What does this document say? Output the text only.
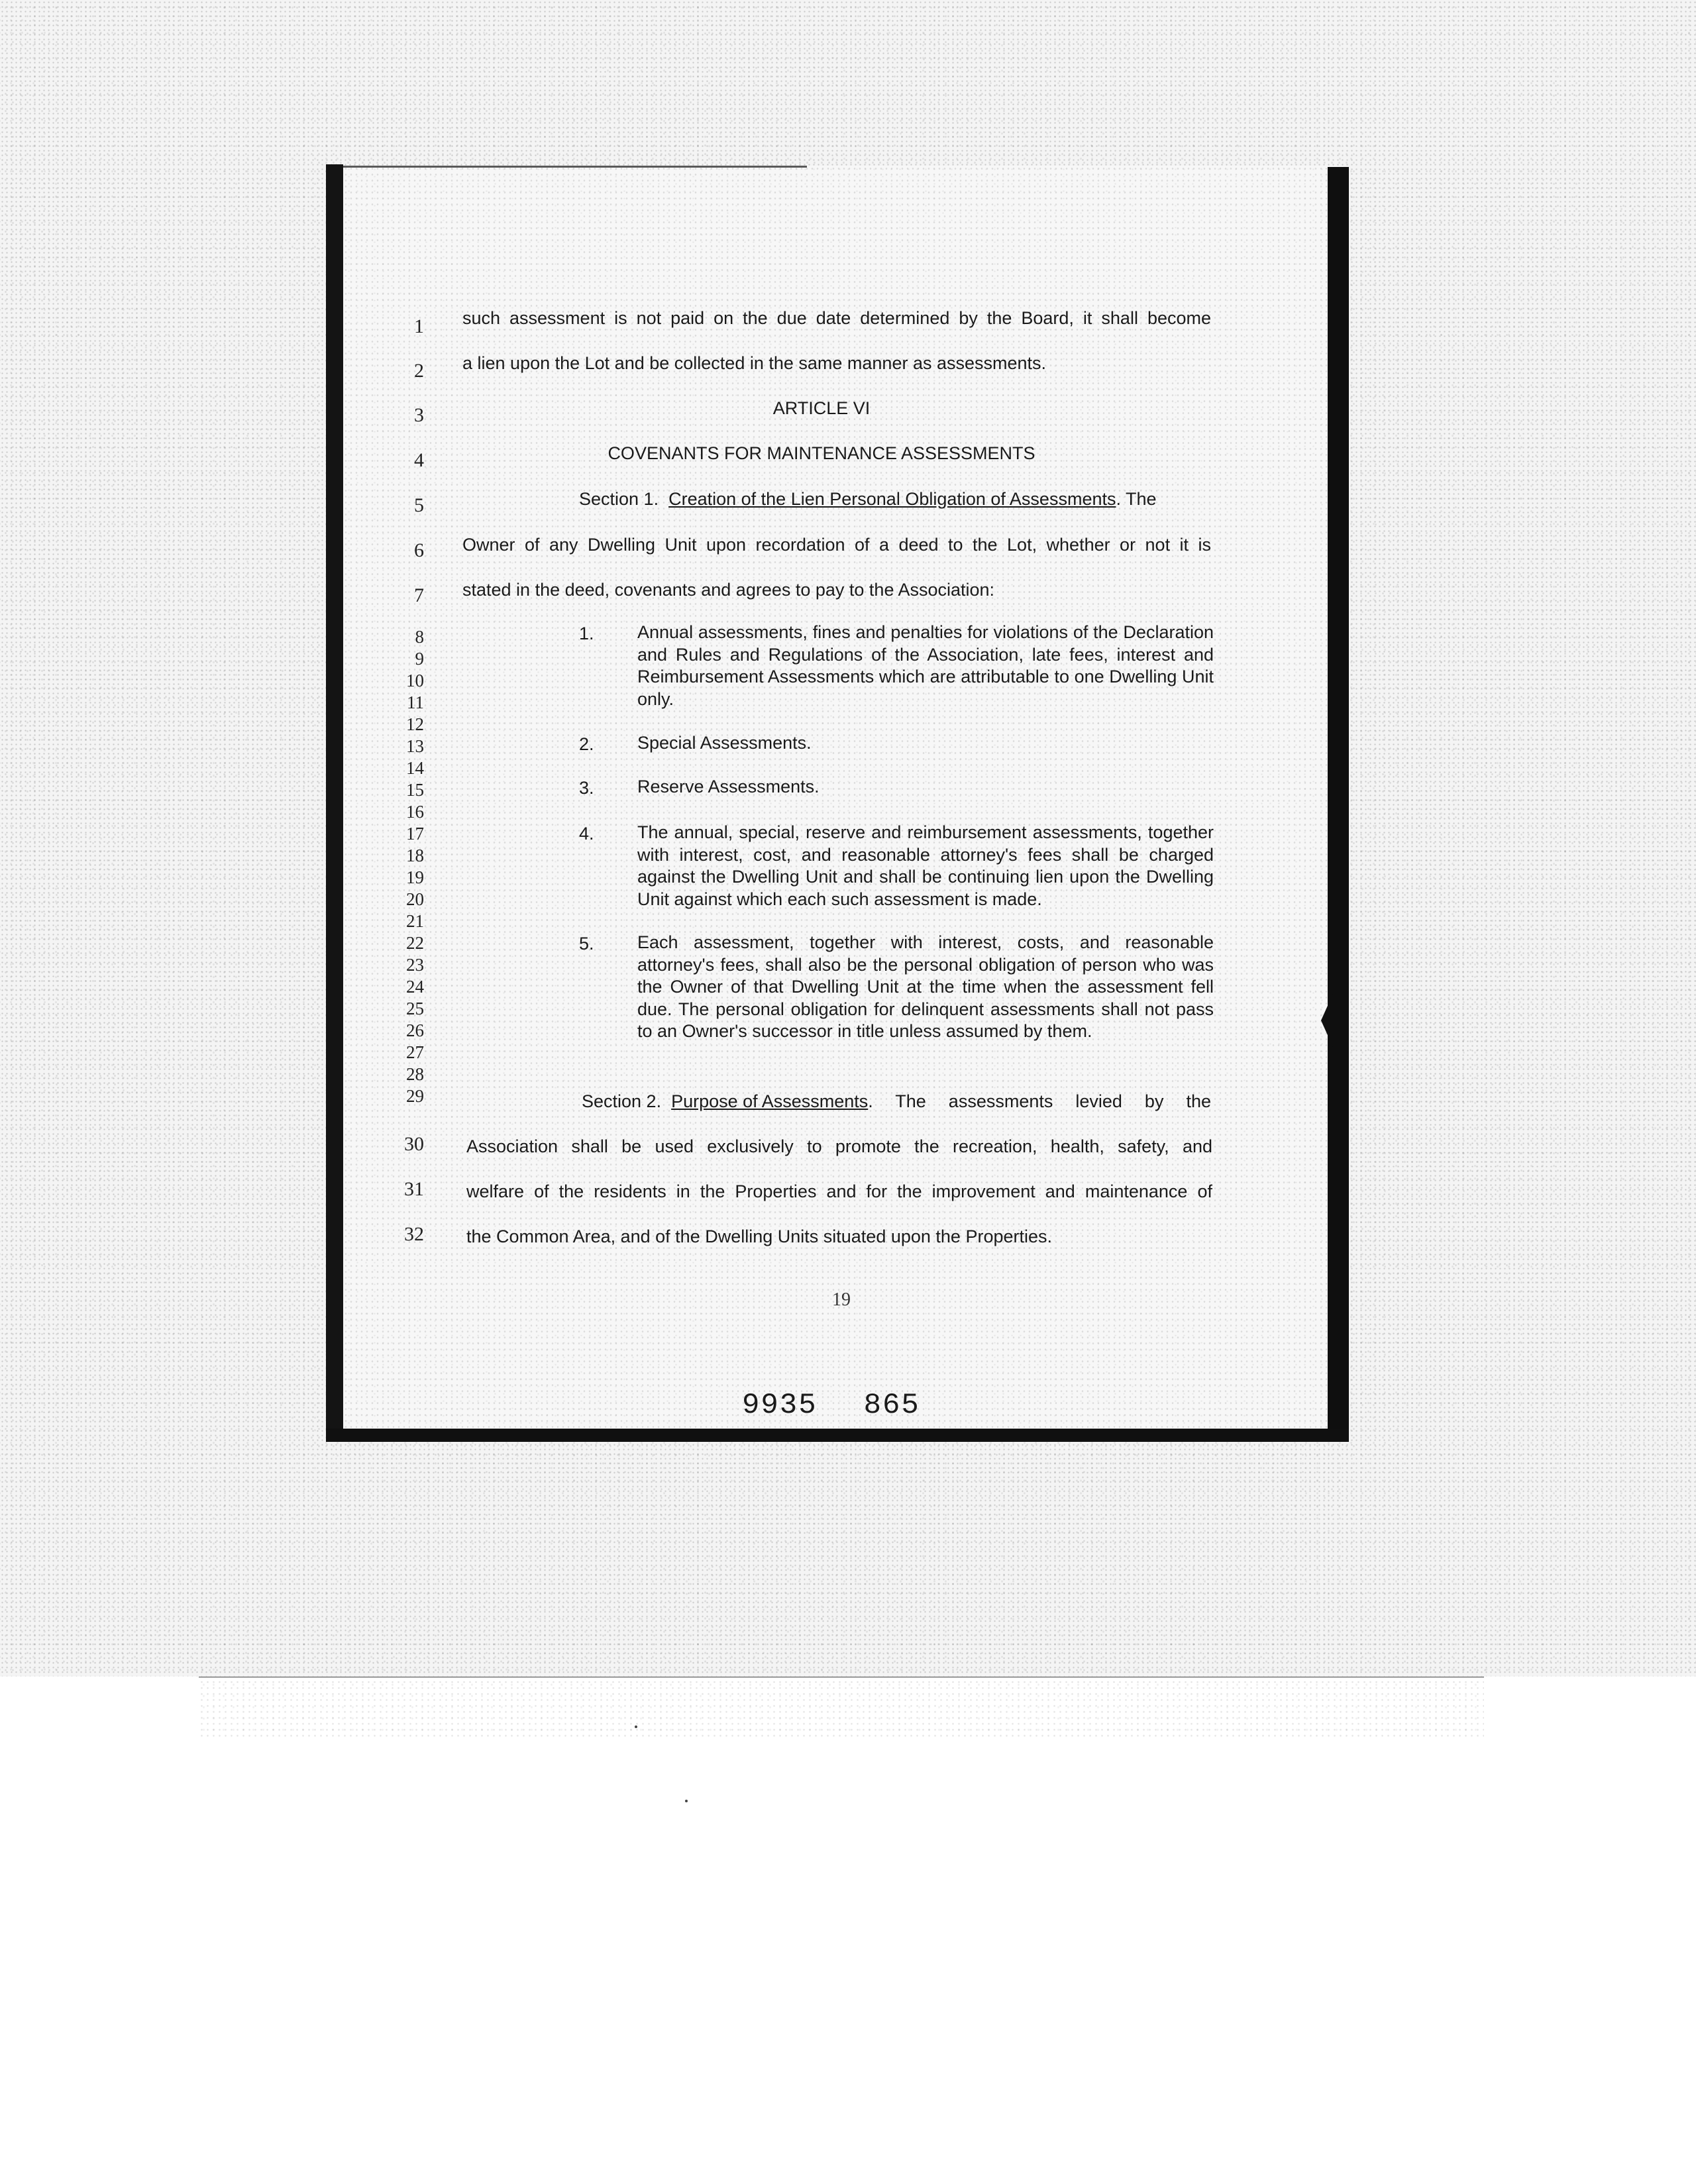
1
2
3
4
5
6
7
8
9
10
11
12
13
14
15
16
17
18
19
20
21
22
23
24
25
26
27
28
29
30
31
32
such assessment is not paid on the due date determined by the Board, it shall become
a lien upon the Lot and be collected in the same manner as assessments.
ARTICLE VI
COVENANTS FOR MAINTENANCE ASSESSMENTS
Section 1. Creation of the Lien Personal Obligation of Assessments. The
Owner of any Dwelling Unit upon recordation of a deed to the Lot, whether or not it is
stated in the deed, covenants and agrees to pay to the Association:
1. Annual assessments, fines and penalties for violations of the Declaration and Rules and Regulations of the Association, late fees, interest and Reimbursement Assessments which are attributable to one Dwelling Unit only.
2. Special Assessments.
3. Reserve Assessments.
4. The annual, special, reserve and reimbursement assessments, together with interest, cost, and reasonable attorney's fees shall be charged against the Dwelling Unit and shall be continuing lien upon the Dwelling Unit against which each such assessment is made.
5. Each assessment, together with interest, costs, and reasonable attorney's fees, shall also be the personal obligation of person who was the Owner of that Dwelling Unit at the time when the assessment fell due. The personal obligation for delinquent assessments shall not pass to an Owner's successor in title unless assumed by them.
Section 2.
Purpose of Assessments . The assessments levied by the
Association shall be used exclusively to promote the recreation, health, safety, and
welfare of the residents in the Properties and for the improvement and maintenance of
the Common Area, and of the Dwelling Units situated upon the Properties.
19
9935 865
